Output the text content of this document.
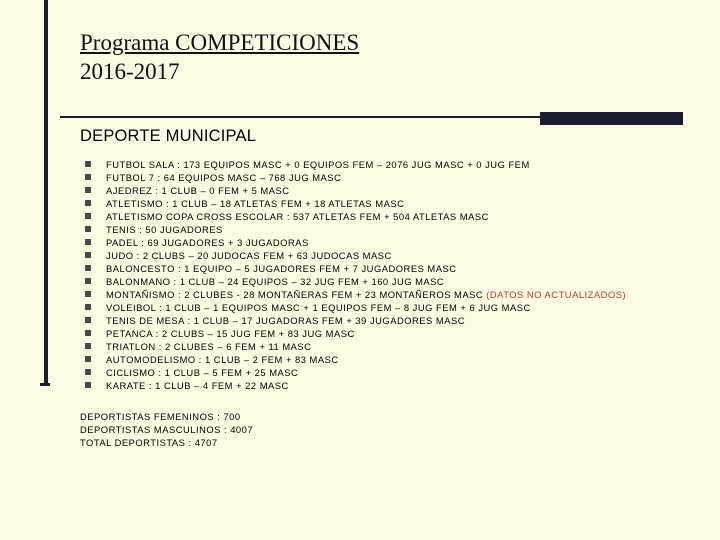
Programa COMPETICIONES
2016-2017
DEPORTE MUNICIPAL
FUTBOL SALA : 173 EQUIPOS MASC + 0 EQUIPOS FEM – 2076 JUG MASC + 0 JUG FEM
FUTBOL 7 : 64 EQUIPOS MASC – 768 JUG MASC
AJEDREZ : 1 CLUB – 0 FEM + 5 MASC
ATLETISMO : 1 CLUB – 18 ATLETAS FEM + 18 ATLETAS MASC
ATLETISMO COPA CROSS ESCOLAR : 537 ATLETAS FEM + 504 ATLETAS MASC
TENIS : 50 JUGADORES
PADEL : 69 JUGADORES + 3 JUGADORAS
JUDO : 2 CLUBS – 20 JUDOCAS FEM + 63 JUDOCAS MASC
BALONCESTO : 1 EQUIPO – 5 JUGADORES FEM + 7 JUGADORES MASC
BALONMANO : 1 CLUB – 24 EQUIPOS – 32 JUG FEM + 160 JUG MASC
MONTAÑISMO : 2 CLUBES - 28 MONTAÑERAS FEM + 23 MONTAÑEROS MASC (DATOS NO ACTUALIZADOS)
VOLEIBOL : 1 CLUB – 1 EQUIPOS MASC + 1 EQUIPOS FEM – 8 JUG FEM + 6 JUG MASC
TENIS DE MESA : 1 CLUB – 17 JUGADORAS FEM + 39 JUGADORES MASC
PETANCA : 2 CLUBS – 15 JUG FEM + 83 JUG MASC
TRIATLON : 2 CLUBES – 6 FEM + 11 MASC
AUTOMODELISMO : 1 CLUB – 2 FEM + 83 MASC
CICLISMO : 1 CLUB – 5 FEM + 25 MASC
KARATE : 1 CLUB – 4 FEM + 22 MASC
DEPORTISTAS FEMENINOS : 700
DEPORTISTAS MASCULINOS : 4007
TOTAL DEPORTISTAS : 4707
